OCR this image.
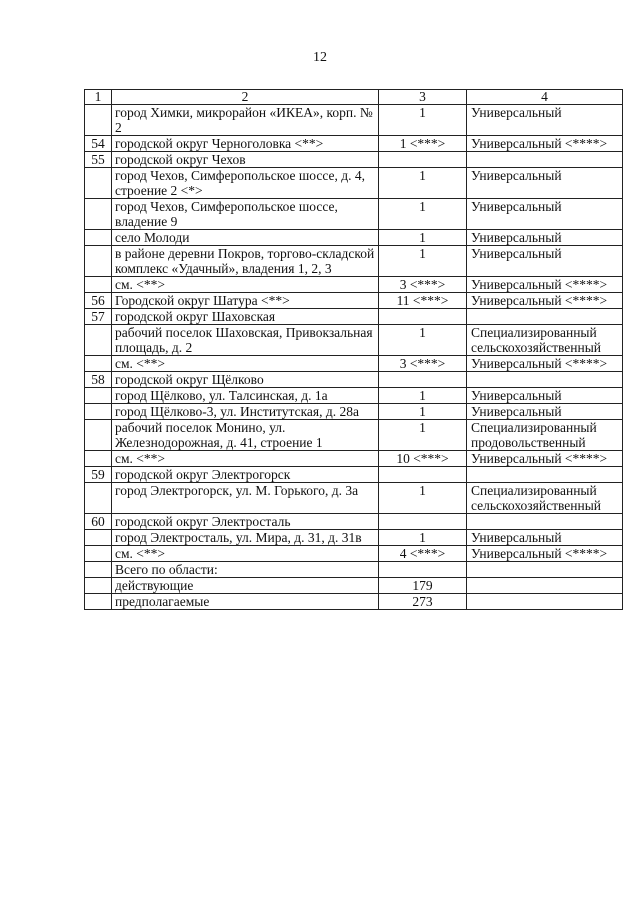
12
1	2	3	4
	город Химки, микрорайон «ИКЕА», корп. № 2	1	Универсальный
54	городской округ Черноголовка <**>	1 <***>	Универсальный <****>
55	городской округ Чехов		
	город Чехов, Симферопольское шоссе, д. 4, строение 2 <*>	1	Универсальный
	город Чехов, Симферопольское шоссе, владение 9	1	Универсальный
	село Молоди	1	Универсальный
	в районе деревни Покров, торгово-складской комплекс «Удачный», владения 1, 2, 3	1	Универсальный
	см. <**>	3 <***>	Универсальный <****>
56	Городской округ Шатура <**>	11 <***>	Универсальный <****>
57	городской округ Шаховская		
	рабочий поселок Шаховская, Привокзальная площадь, д. 2	1	Специализированный сельскохозяйственный
	см. <**>	3 <***>	Универсальный <****>
58	городской округ Щёлково		
	город Щёлково, ул. Талсинская, д. 1а	1	Универсальный
	город Щёлково-3, ул. Институтская, д. 28а	1	Универсальный
	рабочий поселок Монино, ул. Железнодорожная, д. 41, строение 1	1	Специализированный продовольственный
	см. <**>	10 <***>	Универсальный <****>
59	городской округ Электрогорск		
	город Электрогорск, ул. М. Горького, д. 3а	1	Специализированный сельскохозяйственный
60	городской округ Электросталь		
	город Электросталь, ул. Мира, д. 31, д. 31в	1	Универсальный
	см. <**>	4 <***>	Универсальный <****>
	Всего по области:		
	действующие	179	
	предполагаемые	273	
